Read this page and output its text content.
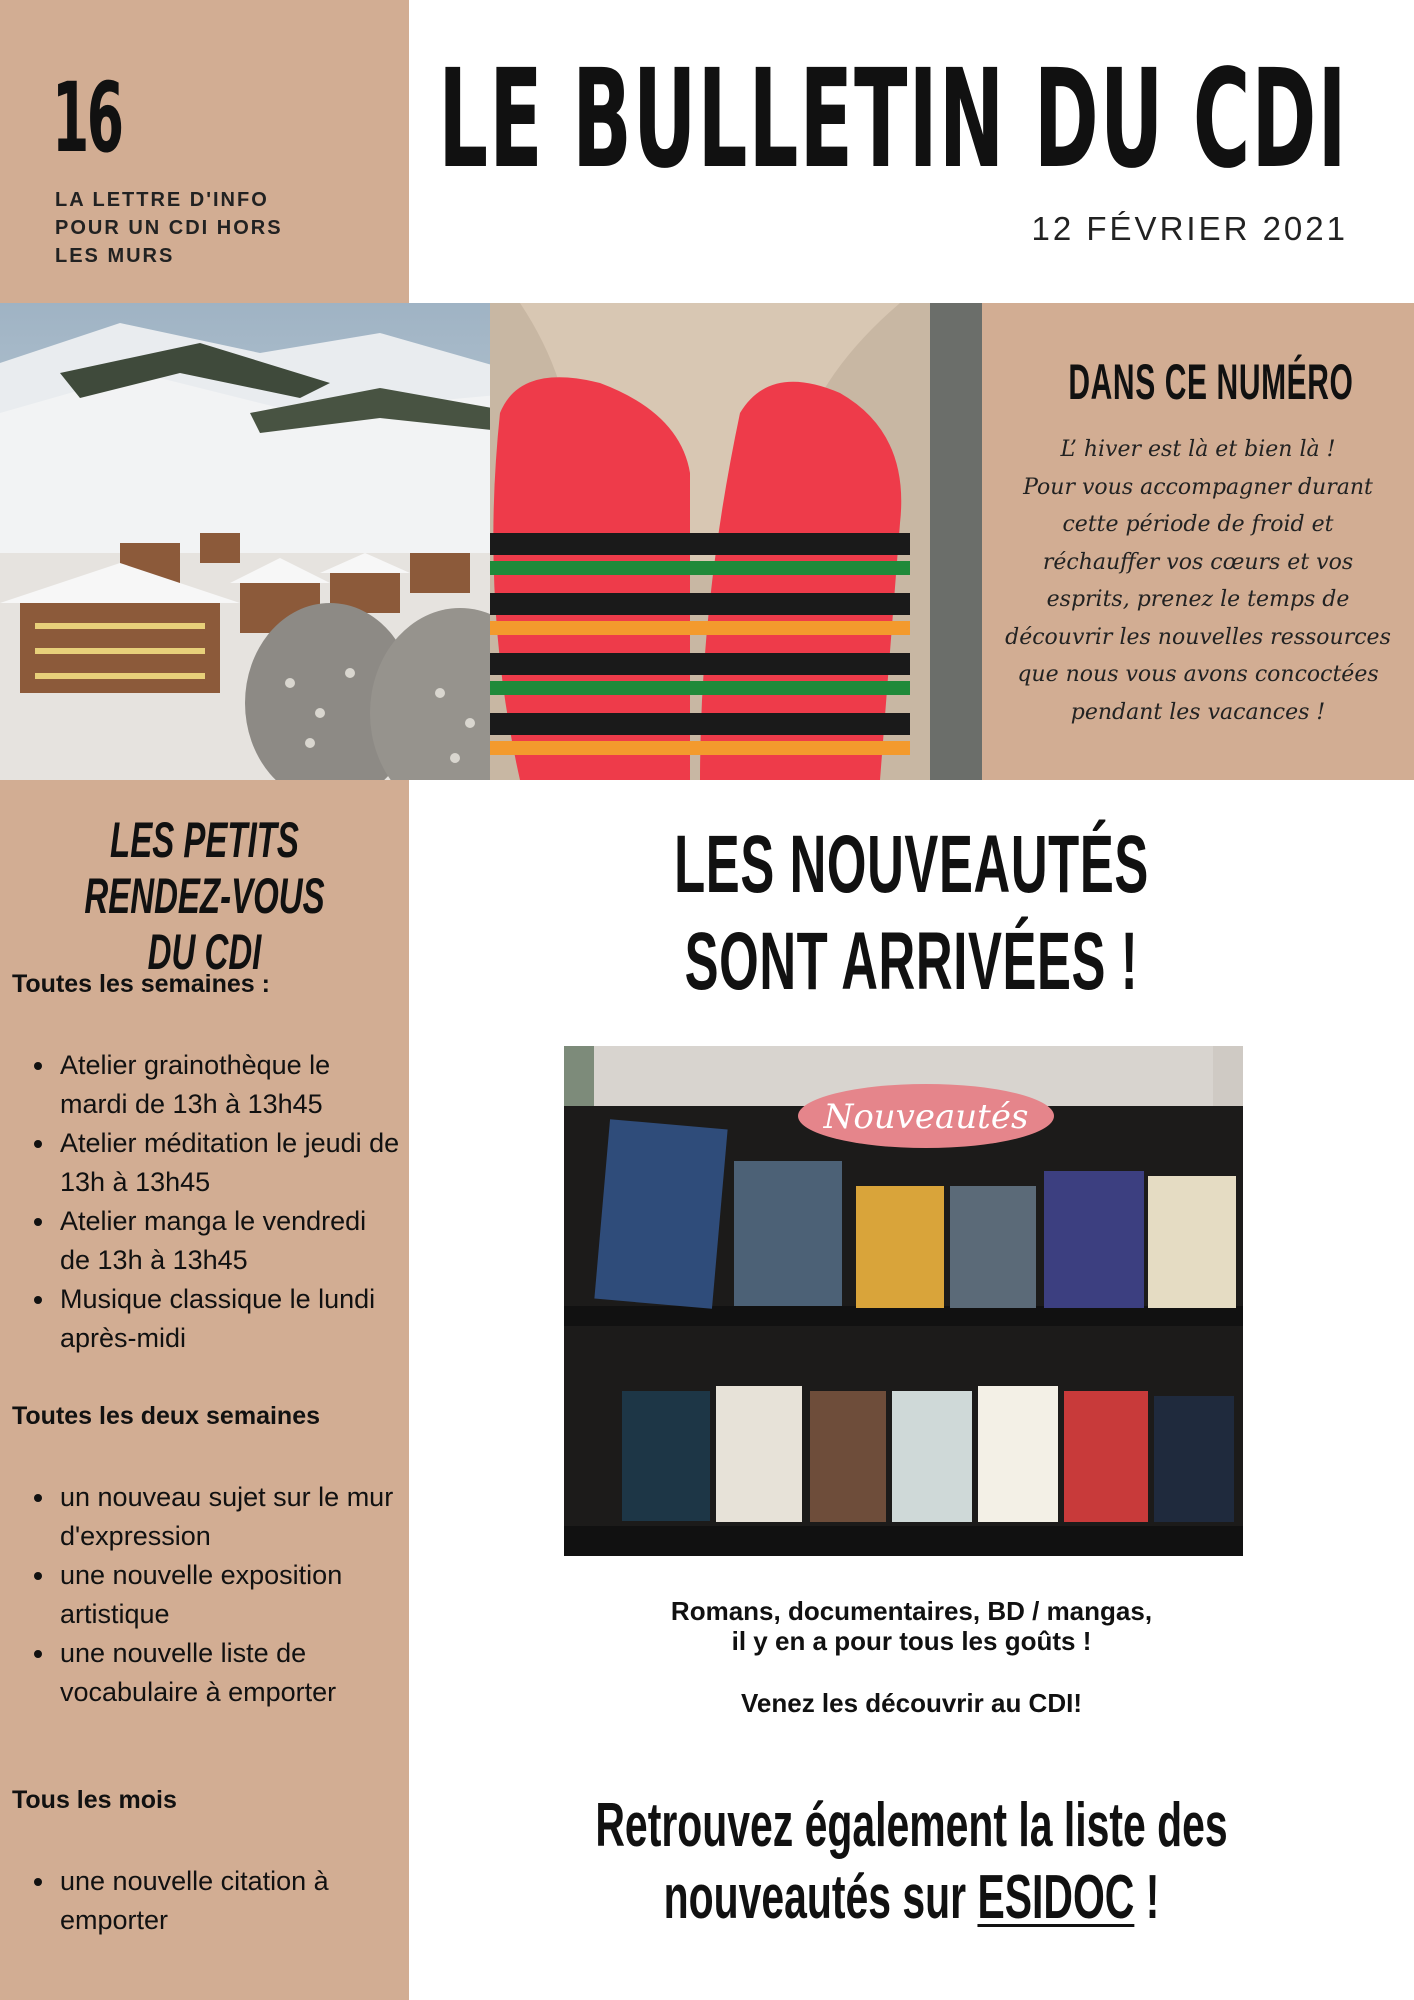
16
LA LETTRE D'INFO
POUR UN CDI HORS
LES MURS
LE BULLETIN DU CDI
12 FÉVRIER 2021
DANS CE NUMÉRO
L’ hiver est là et bien là !
Pour vous accompagner durant
cette période de froid et
réchauffer vos cœurs et vos
esprits, prenez le temps de
découvrir les nouvelles ressources
que nous vous avons concoctées
pendant les vacances !
LES PETITS
RENDEZ-VOUS DU CDI
Toutes les semaines :
Atelier grainothèque le mardi de 13h à 13h45
Atelier méditation le jeudi de 13h à 13h45
Atelier manga le vendredi de 13h à 13h45
Musique classique le lundi après-midi
Toutes les deux semaines
un nouveau sujet sur le mur d'expression
une nouvelle exposition artistique
une nouvelle liste de vocabulaire à emporter
Tous les mois
une nouvelle citation à emporter
LES NOUVEAUTÉS
SONT ARRIVÉES !
Nouveautés
Romans, documentaires, BD / mangas,
il y en a pour tous les goûts !
Venez les découvrir au CDI!
Retrouvez également la liste des
nouveautés sur ESIDOC !
